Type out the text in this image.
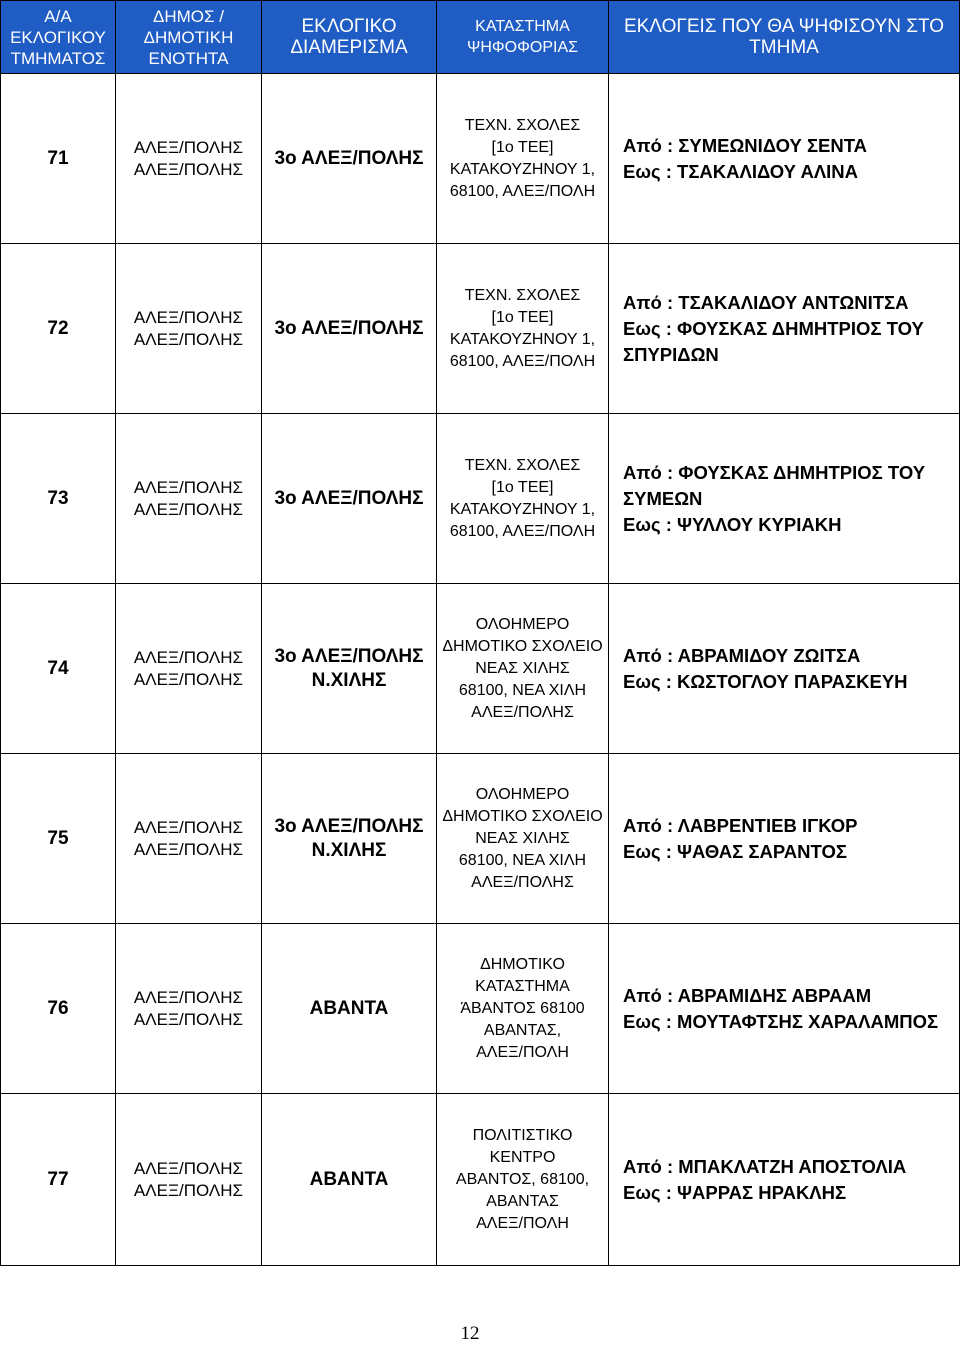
Α/Α
ΕΚΛΟΓΙΚΟΥ
ΤΜΗΜΑΤΟΣ	ΔΗΜΟΣ /
ΔΗΜΟΤΙΚΗ
ΕΝΟΤΗΤΑ	ΕΚΛΟΓΙΚΟ
ΔΙΑΜΕΡΙΣΜΑ	ΚΑΤΑΣΤΗΜΑ
ΨΗΦΟΦΟΡΙΑΣ	ΕΚΛΟΓΕΙΣ ΠΟΥ ΘΑ ΨΗΦΙΣΟΥΝ ΣΤΟ
ΤΜΗΜΑ
71	ΑΛΕΞ/ΠΟΛΗΣ
ΑΛΕΞ/ΠΟΛΗΣ	3ο ΑΛΕΞ/ΠΟΛΗΣ	ΤΕΧΝ. ΣΧΟΛΕΣ
[1ο ΤΕΕ]
ΚΑΤΑΚΟΥΖΗΝΟΥ 1,
68100, ΑΛΕΞ/ΠΟΛΗ	Από : ΣΥΜΕΩΝΙΔΟΥ ΣΕΝΤΑ
Εως : ΤΣΑΚΑΛΙΔΟΥ ΑΛΙΝΑ

72	ΑΛΕΞ/ΠΟΛΗΣ
ΑΛΕΞ/ΠΟΛΗΣ	3ο ΑΛΕΞ/ΠΟΛΗΣ	ΤΕΧΝ. ΣΧΟΛΕΣ
[1ο ΤΕΕ]
ΚΑΤΑΚΟΥΖΗΝΟΥ 1,
68100, ΑΛΕΞ/ΠΟΛΗ	Από : ΤΣΑΚΑΛΙΔΟΥ ΑΝΤΩΝΙΤΣΑ
Εως : ΦΟΥΣΚΑΣ ΔΗΜΗΤΡΙΟΣ ΤΟΥ ΣΠΥΡΙΔΩΝ

73	ΑΛΕΞ/ΠΟΛΗΣ
ΑΛΕΞ/ΠΟΛΗΣ	3ο ΑΛΕΞ/ΠΟΛΗΣ	ΤΕΧΝ. ΣΧΟΛΕΣ
[1ο ΤΕΕ]
ΚΑΤΑΚΟΥΖΗΝΟΥ 1,
68100, ΑΛΕΞ/ΠΟΛΗ	Από : ΦΟΥΣΚΑΣ ΔΗΜΗΤΡΙΟΣ ΤΟΥ ΣΥΜΕΩΝ
Εως : ΨΥΛΛΟΥ ΚΥΡΙΑΚΗ

74	ΑΛΕΞ/ΠΟΛΗΣ
ΑΛΕΞ/ΠΟΛΗΣ	3ο ΑΛΕΞ/ΠΟΛΗΣ
Ν.ΧΙΛΗΣ	ΟΛΟΗΜΕΡΟ
ΔΗΜΟΤΙΚΟ ΣΧΟΛΕΙΟ
ΝΕΑΣ ΧΙΛΗΣ
68100, ΝΕΑ ΧΙΛΗ
ΑΛΕΞ/ΠΟΛΗΣ	Από : ΑΒΡΑΜΙΔΟΥ ΖΩΙΤΣΑ
Εως : ΚΩΣΤΟΓΛΟΥ ΠΑΡΑΣΚΕΥΗ

75	ΑΛΕΞ/ΠΟΛΗΣ
ΑΛΕΞ/ΠΟΛΗΣ	3ο ΑΛΕΞ/ΠΟΛΗΣ
Ν.ΧΙΛΗΣ	ΟΛΟΗΜΕΡΟ
ΔΗΜΟΤΙΚΟ ΣΧΟΛΕΙΟ
ΝΕΑΣ ΧΙΛΗΣ
68100, ΝΕΑ ΧΙΛΗ
ΑΛΕΞ/ΠΟΛΗΣ	Από : ΛΑΒΡΕΝΤΙΕΒ ΙΓΚΟΡ
Εως : ΨΑΘΑΣ ΣΑΡΑΝΤΟΣ

76	ΑΛΕΞ/ΠΟΛΗΣ
ΑΛΕΞ/ΠΟΛΗΣ	ΑΒΑΝΤΑ	ΔΗΜΟΤΙΚΟ
ΚΑΤΑΣΤΗΜΑ
ΆΒΑΝΤΟΣ 68100
ΑΒΑΝΤΑΣ,
ΑΛΕΞ/ΠΟΛΗ	Από : ΑΒΡΑΜΙΔΗΣ ΑΒΡΑΑΜ
Εως : ΜΟΥΤΑΦΤΣΗΣ ΧΑΡΑΛΑΜΠΟΣ

77	ΑΛΕΞ/ΠΟΛΗΣ
ΑΛΕΞ/ΠΟΛΗΣ	ΑΒΑΝΤΑ	ΠΟΛΙΤΙΣΤΙΚΟ
ΚΕΝΤΡΟ
ΑΒΑΝΤΟΣ, 68100,
ΑΒΑΝΤΑΣ
ΑΛΕΞ/ΠΟΛΗ	Από : ΜΠΑΚΛΑΤΖΗ ΑΠΟΣΤΟΛΙΑ
Εως : ΨΑΡΡΑΣ ΗΡΑΚΛΗΣ
12
